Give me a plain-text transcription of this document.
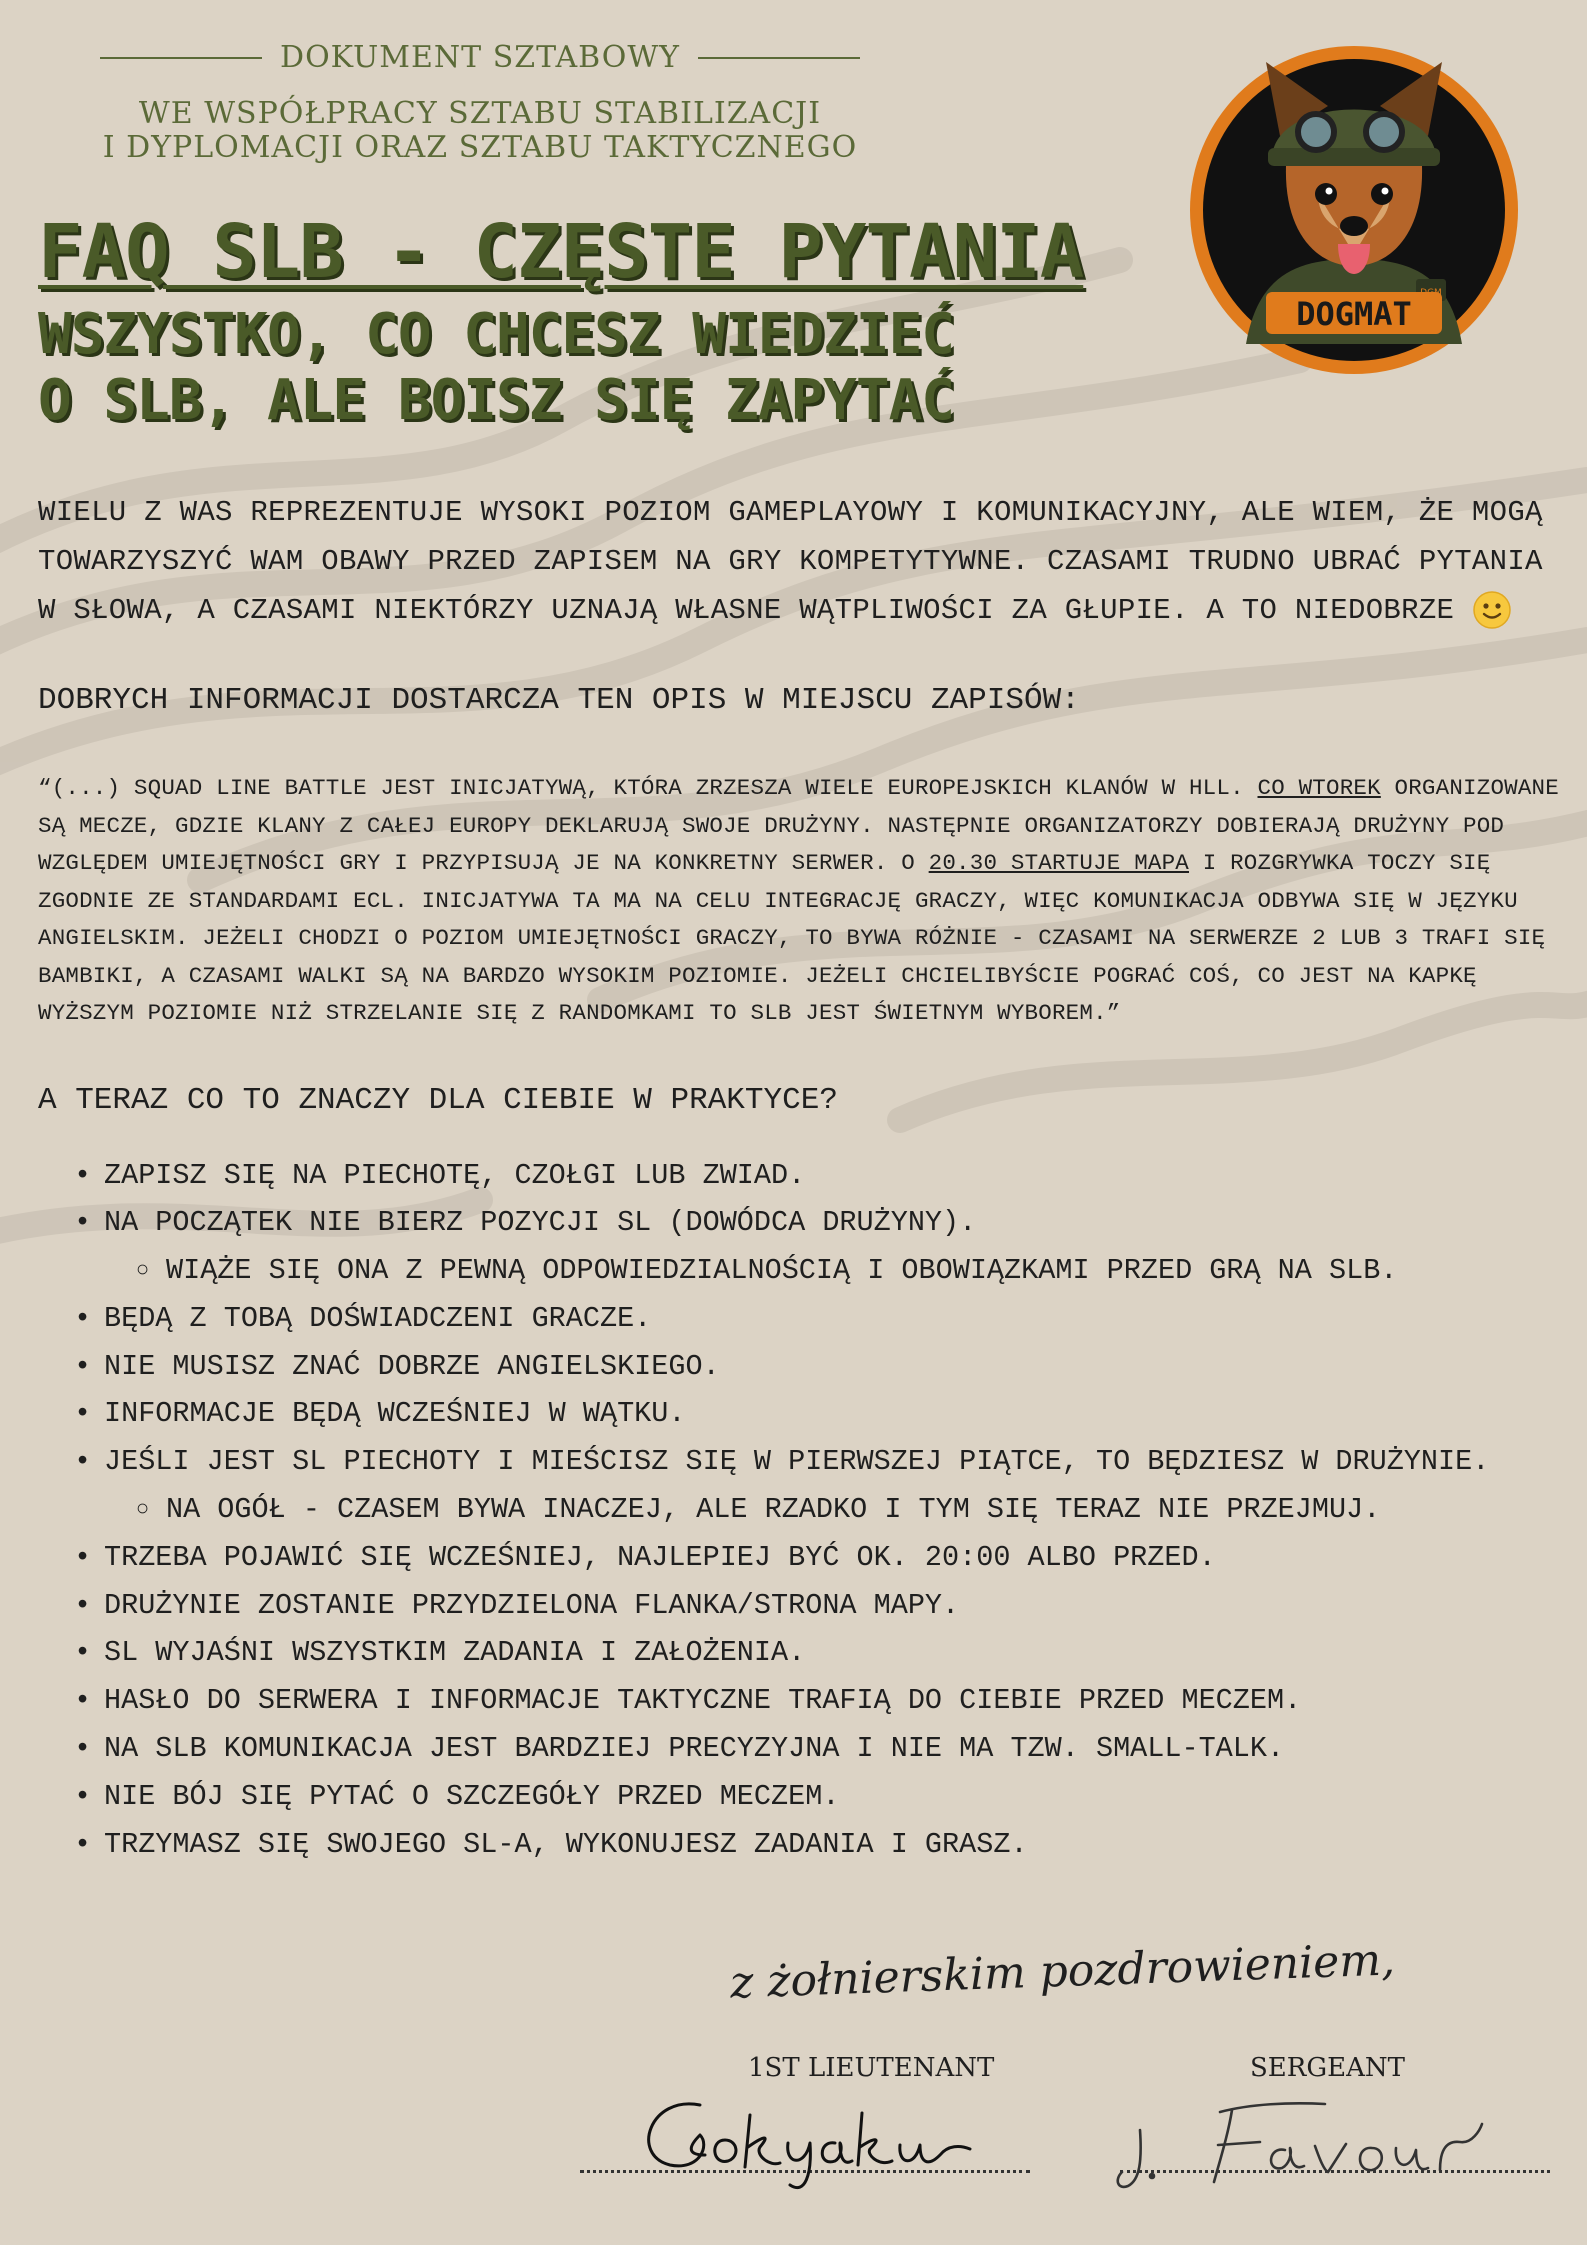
DOKUMENT SZTABOWY
WE WSPÓŁPRACY SZTABU STABILIZACJI
I DYPLOMACJI ORAZ SZTABU TAKTYCZNEGO
FAQ SLB - CZĘSTE PYTANIA
WSZYSTKO, CO CHCESZ WIEDZIEĆ
O SLB, ALE BOISZ SIĘ ZAPYTAĆ
DOGMAT
DGM

WIELU Z WAS REPREZENTUJE WYSOKI POZIOM GAMEPLAYOWY I KOMUNIKACYJNY, ALE WIEM, ŻE MOGĄ TOWARZYSZYĆ WAM OBAWY PRZED ZAPISEM NA GRY KOMPETYTYWNE. CZASAMI TRUDNO UBRAĆ PYTANIA W SŁOWA, A CZASAMI NIEKTÓRZY UZNAJĄ WŁASNE WĄTPLIWOŚCI ZA GŁUPIE. A TO NIEDOBRZE

DOBRYCH INFORMACJI DOSTARCZA TEN OPIS W MIEJSCU ZAPISÓW:

“(...) SQUAD LINE BATTLE JEST INICJATYWĄ, KTÓRA ZRZESZA WIELE EUROPEJSKICH KLANÓW W HLL. CO WTOREK ORGANIZOWANE SĄ MECZE, GDZIE KLANY Z CAŁEJ EUROPY DEKLARUJĄ SWOJE DRUŻYNY. NASTĘPNIE ORGANIZATORZY DOBIERAJĄ DRUŻYNY POD WZGLĘDEM UMIEJĘTNOŚCI GRY I PRZYPISUJĄ JE NA KONKRETNY SERWER. O 20.30 STARTUJE MAPA I ROZGRYWKA TOCZY SIĘ ZGODNIE ZE STANDARDAMI ECL. INICJATYWA TA MA NA CELU INTEGRACJĘ GRACZY, WIĘC KOMUNIKACJA ODBYWA SIĘ W JĘZYKU ANGIELSKIM. JEŻELI CHODZI O POZIOM UMIEJĘTNOŚCI GRACZY, TO BYWA RÓŻNIE - CZASAMI NA SERWERZE 2 LUB 3 TRAFI SIĘ BAMBIKI, A CZASAMI WALKI SĄ NA BARDZO WYSOKIM POZIOMIE. JEŻELI CHCIELIBYŚCIE POGRAĆ COŚ, CO JEST NA KAPKĘ WYŻSZYM POZIOMIE NIŻ STRZELANIE SIĘ Z RANDOMKAMI TO SLB JEST ŚWIETNYM WYBOREM.”

A TERAZ CO TO ZNACZY DLA CIEBIE W PRAKTYCE?
• ZAPISZ SIĘ NA PIECHOTĘ, CZOŁGI LUB ZWIAD.
• NA POCZĄTEK NIE BIERZ POZYCJI SL (DOWÓDCA DRUŻYNY).
○ WIĄŻE SIĘ ONA Z PEWNĄ ODPOWIEDZIALNOŚCIĄ I OBOWIĄZKAMI PRZED GRĄ NA SLB.
• BĘDĄ Z TOBĄ DOŚWIADCZENI GRACZE.
• NIE MUSISZ ZNAĆ DOBRZE ANGIELSKIEGO.
• INFORMACJE BĘDĄ WCZEŚNIEJ W WĄTKU.
• JEŚLI JEST SL PIECHOTY I MIEŚCISZ SIĘ W PIERWSZEJ PIĄTCE, TO BĘDZIESZ W DRUŻYNIE.
○ NA OGÓŁ - CZASEM BYWA INACZEJ, ALE RZADKO I TYM SIĘ TERAZ NIE PRZEJMUJ.
• TRZEBA POJAWIĆ SIĘ WCZEŚNIEJ, NAJLEPIEJ BYĆ OK. 20:00 ALBO PRZED.
• DRUŻYNIE ZOSTANIE PRZYDZIELONA FLANKA/STRONA MAPY.
• SL WYJAŚNI WSZYSTKIM ZADANIA I ZAŁOŻENIA.
• HASŁO DO SERWERA I INFORMACJE TAKTYCZNE TRAFIĄ DO CIEBIE PRZED MECZEM.
• NA SLB KOMUNIKACJA JEST BARDZIEJ PRECYZYJNA I NIE MA TZW. SMALL-TALK.
• NIE BÓJ SIĘ PYTAĆ O SZCZEGÓŁY PRZED MECZEM.
• TRZYMASZ SIĘ SWOJEGO SL-A, WYKONUJESZ ZADANIA I GRASZ.
z żołnierskim pozdrowieniem,
1ST LIEUTENANT	SERGEANT
